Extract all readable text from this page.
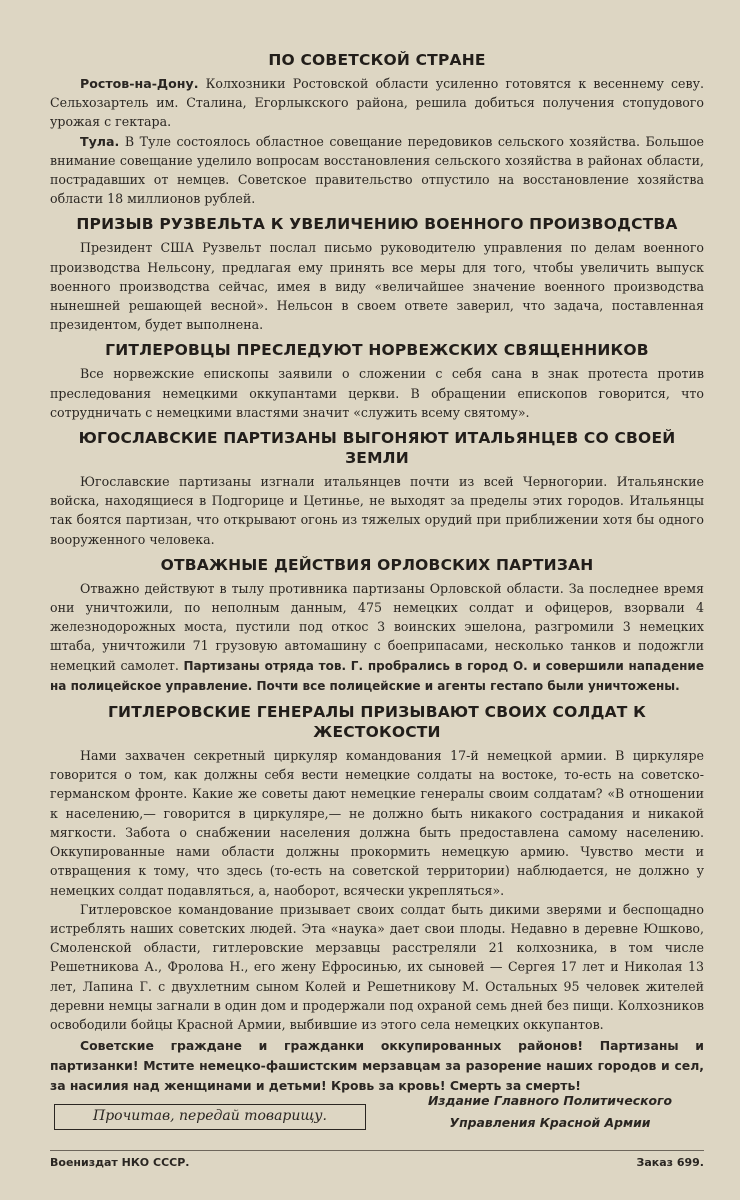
ПО СОВЕТСКОЙ СТРАНЕ

Ростов-на-Дону. Колхозники Ростовской области усиленно готовятся к весеннему севу. Сельхозартель им. Сталина, Егорлыкского района, решила добиться получения стопудового урожая с гектара.

Тула. В Туле состоялось областное совещание передовиков сельского хозяйства. Большое внимание совещание уделило вопросам восстановления сельского хозяйства в районах области, пострадавших от немцев. Советское правительство отпустило на восстановление хозяйства области 18 миллионов рублей.

ПРИЗЫВ РУЗВЕЛЬТА К УВЕЛИЧЕНИЮ ВОЕННОГО ПРОИЗВОДСТВА

Президент США Рузвельт послал письмо руководителю управления по делам военного производства Нельсону, предлагая ему принять все меры для того, чтобы увеличить выпуск военного производства сейчас, имея в виду «величайшее значение военного производства нынешней решающей весной». Нельсон в своем ответе заверил, что задача, поставленная президентом, будет выполнена.

ГИТЛЕРОВЦЫ ПРЕСЛЕДУЮТ НОРВЕЖСКИХ СВЯЩЕННИКОВ

Все норвежские епископы заявили о сложении с себя сана в знак протеста против преследования немецкими оккупантами церкви. В обращении епископов говорится, что сотрудничать с немецкими властями значит «служить всему святому».

ЮГОСЛАВСКИЕ ПАРТИЗАНЫ ВЫГОНЯЮТ ИТАЛЬЯНЦЕВ СО СВОЕЙ ЗЕМЛИ

Югославские партизаны изгнали итальянцев почти из всей Черногории. Итальянские войска, находящиеся в Подгорице и Цетинье, не выходят за пределы этих городов. Итальянцы так боятся партизан, что открывают огонь из тяжелых орудий при приближении хотя бы одного вооруженного человека.

ОТВАЖНЫЕ ДЕЙСТВИЯ ОРЛОВСКИХ ПАРТИЗАН

Отважно действуют в тылу противника партизаны Орловской области. За последнее время они уничтожили, по неполным данным, 475 немецких солдат и офицеров, взорвали 4 железнодорожных моста, пустили под откос 3 воинских эшелона, разгромили 3 немецких штаба, уничтожили 71 грузовую автомашину с боеприпасами, несколько танков и подожгли немецкий самолет. Партизаны отряда тов. Г. пробрались в город О. и совершили нападение на полицейское управление. Почти все полицейские и агенты гестапо были уничтожены.

ГИТЛЕРОВСКИЕ ГЕНЕРАЛЫ ПРИЗЫВАЮТ СВОИХ СОЛДАТ К ЖЕСТОКОСТИ

Нами захвачен секретный циркуляр командования 17-й немецкой армии. В циркуляре говорится о том, как должны себя вести немецкие солдаты на востоке, то-есть на советско-германском фронте. Какие же советы дают немецкие генералы своим солдатам? «В отношении к населению,— говорится в циркуляре,— не должно быть никакого сострадания и никакой мягкости. Забота о снабжении населения должна быть предоставлена самому населению. Оккупированные нами области должны прокормить немецкую армию. Чувство мести и отвращения к тому, что здесь (то-есть на советской территории) наблюдается, не должно у немецких солдат подавляться, а, наоборот, всячески укрепляться».

Гитлеровское командование призывает своих солдат быть дикими зверями и беспощадно истреблять наших советских людей. Эта «наука» дает свои плоды. Недавно в деревне Юшково, Смоленской области, гитлеровские мерзавцы расстреляли 21 колхозника, в том числе Решетникова А., Фролова Н., его жену Ефросинью, их сыновей — Сергея 17 лет и Николая 13 лет, Лапина Г. с двухлетним сыном Колей и Решетникову М. Остальных 95 человек жителей деревни немцы загнали в один дом и продержали под охраной семь дней без пищи. Колхозников освободили бойцы Красной Армии, выбившие из этого села немецких оккупантов.

Советские граждане и гражданки оккупированных районов! Партизаны и партизанки! Мстите немецко-фашистским мерзавцам за разорение наших городов и сел, за насилия над женщинами и детьми! Кровь за кровь! Смерть за смерть!

Прочитав, передай товарищу.
Издание Главного Политического
Управления Красной Армии
Воениздат НКО СССР.	Заказ 699.
